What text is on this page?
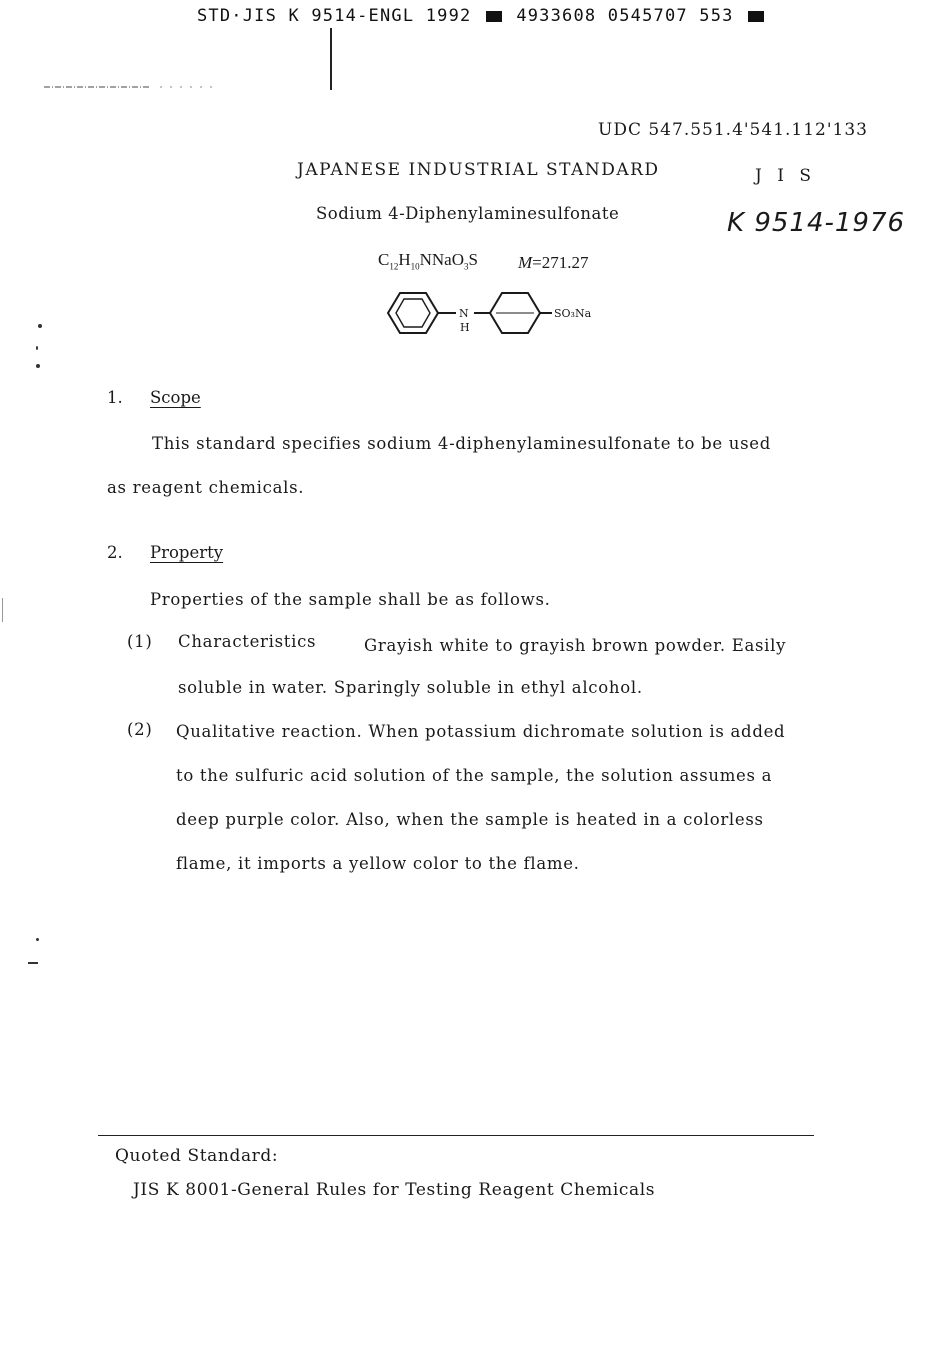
STD·JIS K 9514-ENGL 1992	4933608 0545707 553
UDC 547.551.4'541.112'133
JAPANESE INDUSTRIAL STANDARD	J I S
Sodium 4-Diphenylaminesulfonate	K 9514-1976
$C_{12}H_{10}NNaO_3S$ M=271.27
N
H
SO₃Na
1. Scope
This standard specifies sodium 4-diphenylaminesulfonate to be used
as reagent chemicals.
2. Property
Properties of the sample shall be as follows.
(1) Characteristics	Grayish white to grayish brown powder. Easily
soluble in water. Sparingly soluble in ethyl alcohol.
(2) Qualitative reaction. When potassium dichromate solution is added
to the sulfuric acid solution of the sample, the solution assumes a
deep purple color. Also, when the sample is heated in a colorless
flame, it imports a yellow color to the flame.
Quoted Standard:
JIS K 8001-General Rules for Testing Reagent Chemicals
